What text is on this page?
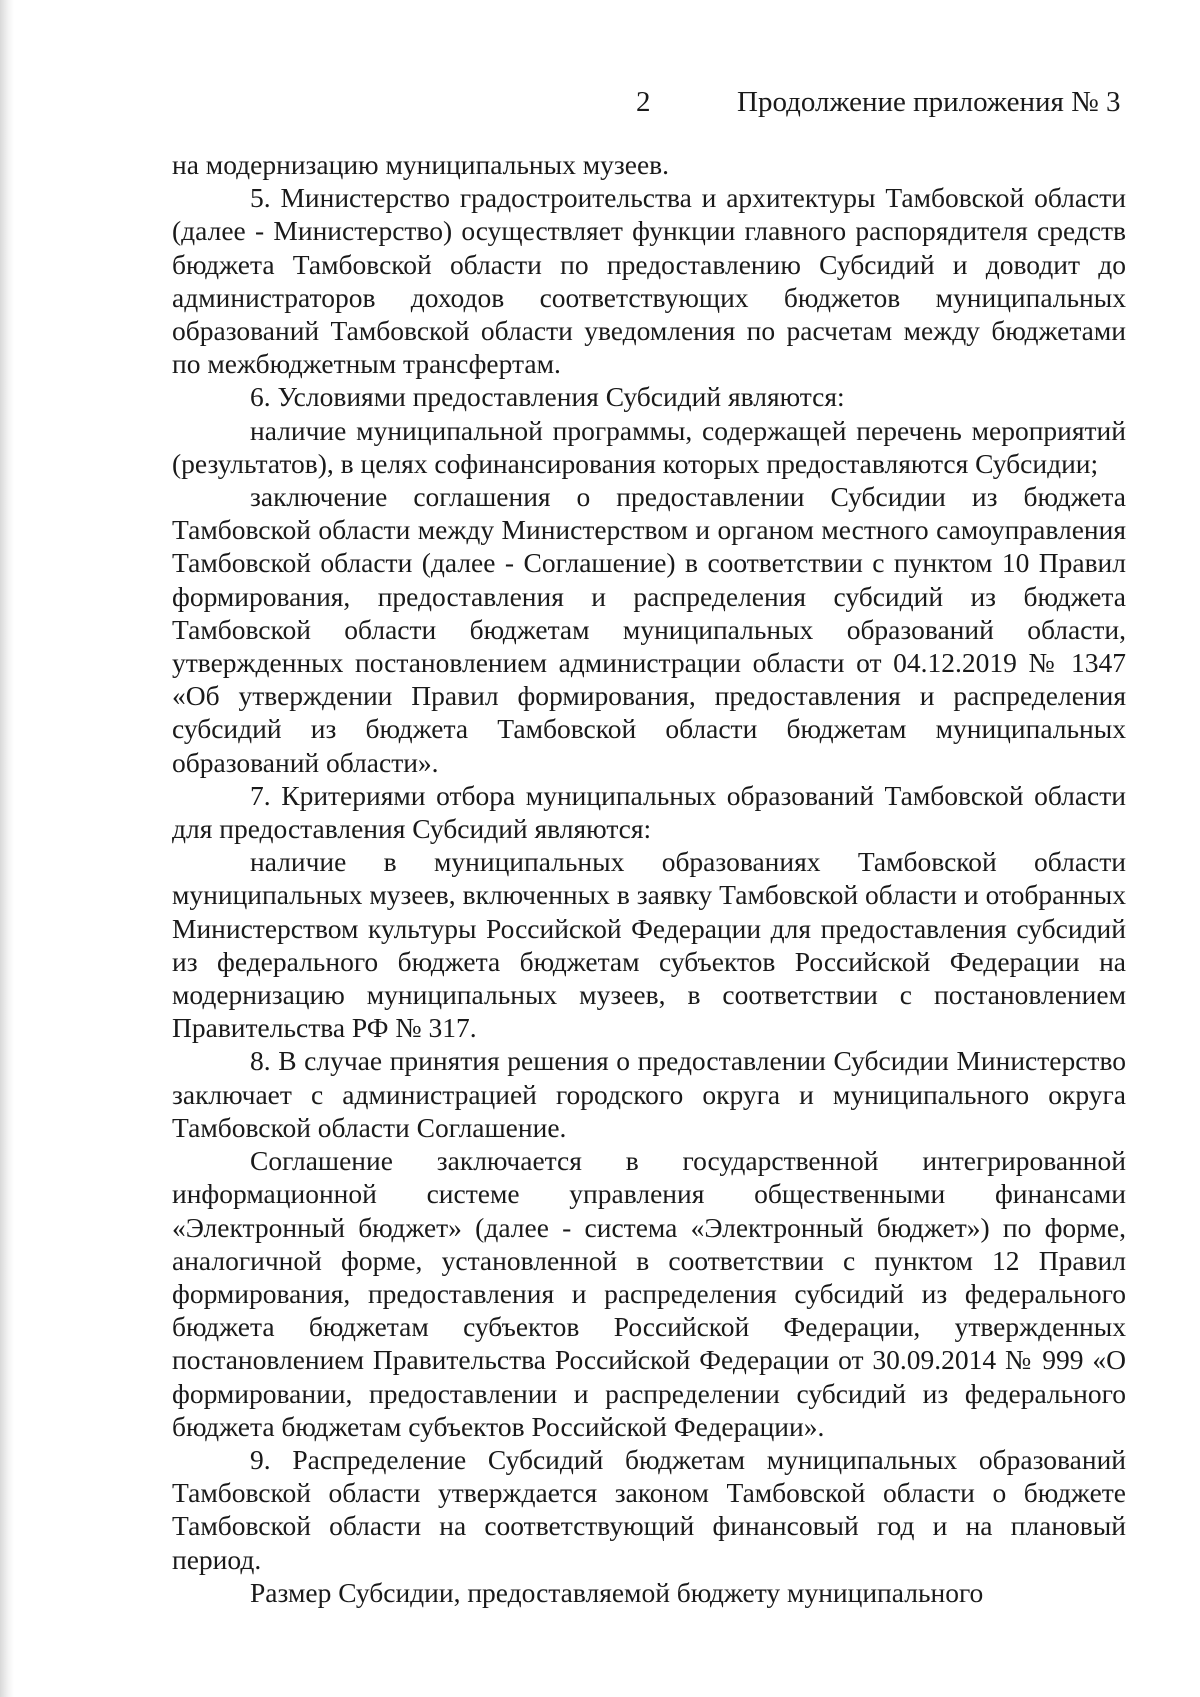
2	Продолжение приложения № 3

на модернизацию муниципальных музеев.

5. Министерство градостроительства и архитектуры Тамбовской области (далее - Министерство) осуществляет функции главного распорядителя средств бюджета Тамбовской области по предоставлению Субсидий и доводит до администраторов доходов соответствующих бюджетов муниципальных образований Тамбовской области уведомления по расчетам между бюджетами по межбюджетным трансфертам.

6. Условиями предоставления Субсидий являются:

наличие муниципальной программы, содержащей перечень мероприятий (результатов), в целях софинансирования которых предоставляются Субсидии;

заключение соглашения о предоставлении Субсидии из бюджета Тамбовской области между Министерством и органом местного самоуправления Тамбовской области (далее - Соглашение) в соответствии с пунктом 10 Правил формирования, предоставления и распределения субсидий из бюджета Тамбовской области бюджетам муниципальных образований области, утвержденных постановлением администрации области от 04.12.2019 № 1347 «Об утверждении Правил формирования, предоставления и распределения субсидий из бюджета Тамбовской области бюджетам муниципальных образований области».

7. Критериями отбора муниципальных образований Тамбовской области для предоставления Субсидий являются:

наличие в муниципальных образованиях Тамбовской области муниципальных музеев, включенных в заявку Тамбовской области и отобранных Министерством культуры Российской Федерации для предоставления субсидий из федерального бюджета бюджетам субъектов Российской Федерации на модернизацию муниципальных музеев, в соответствии с постановлением Правительства РФ № 317.

8. В случае принятия решения о предоставлении Субсидии Министерство заключает с администрацией городского округа и муниципального округа Тамбовской области Соглашение.

Соглашение заключается в государственной интегрированной информационной системе управления общественными финансами «Электронный бюджет» (далее - система «Электронный бюджет») по форме, аналогичной форме, установленной в соответствии с пунктом 12 Правил формирования, предоставления и распределения субсидий из федерального бюджета бюджетам субъектов Российской Федерации, утвержденных постановлением Правительства Российской Федерации от 30.09.2014 № 999 «О формировании, предоставлении и распределении субсидий из федерального бюджета бюджетам субъектов Российской Федерации».

9. Распределение Субсидий бюджетам муниципальных образований Тамбовской области утверждается законом Тамбовской области о бюджете Тамбовской области на соответствующий финансовый год и на плановый период.

Размер Субсидии, предоставляемой бюджету муниципального
